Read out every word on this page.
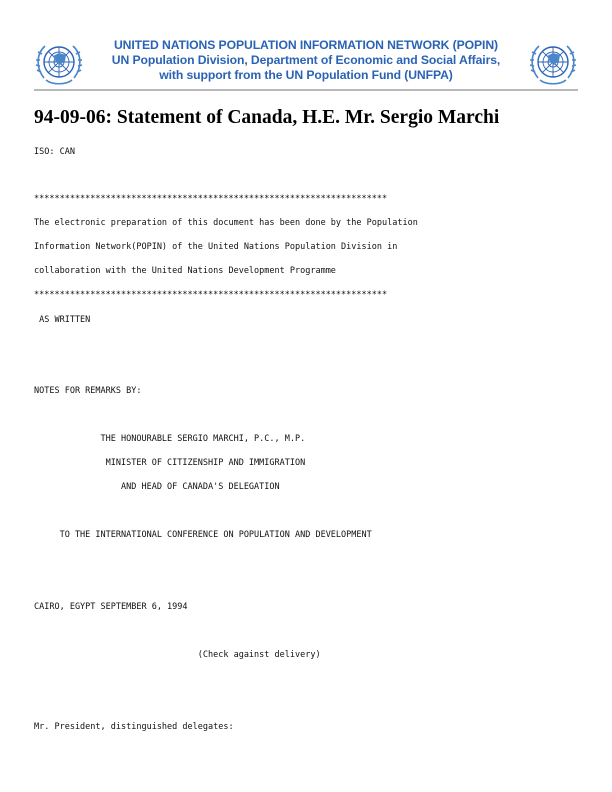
UNITED NATIONS POPULATION INFORMATION NETWORK (POPIN)
UN Population Division, Department of Economic and Social Affairs,
with support from the UN Population Fund (UNFPA)
94-09-06: Statement of Canada, H.E. Mr. Sergio Marchi
ISO: CAN
*********************************************************************
The electronic preparation of this document has been done by the Population
Information Network(POPIN) of the United Nations Population Division in
collaboration with the United Nations Development Programme
*********************************************************************
AS WRITTEN
NOTES FOR REMARKS BY:
THE HONOURABLE SERGIO MARCHI, P.C., M.P.
MINISTER OF CITIZENSHIP AND IMMIGRATION
AND HEAD OF CANADA'S DELEGATION
TO THE INTERNATIONAL CONFERENCE ON POPULATION AND DEVELOPMENT
CAIRO, EGYPT SEPTEMBER 6, 1994
(Check against delivery)
Mr. President, distinguished delegates:
